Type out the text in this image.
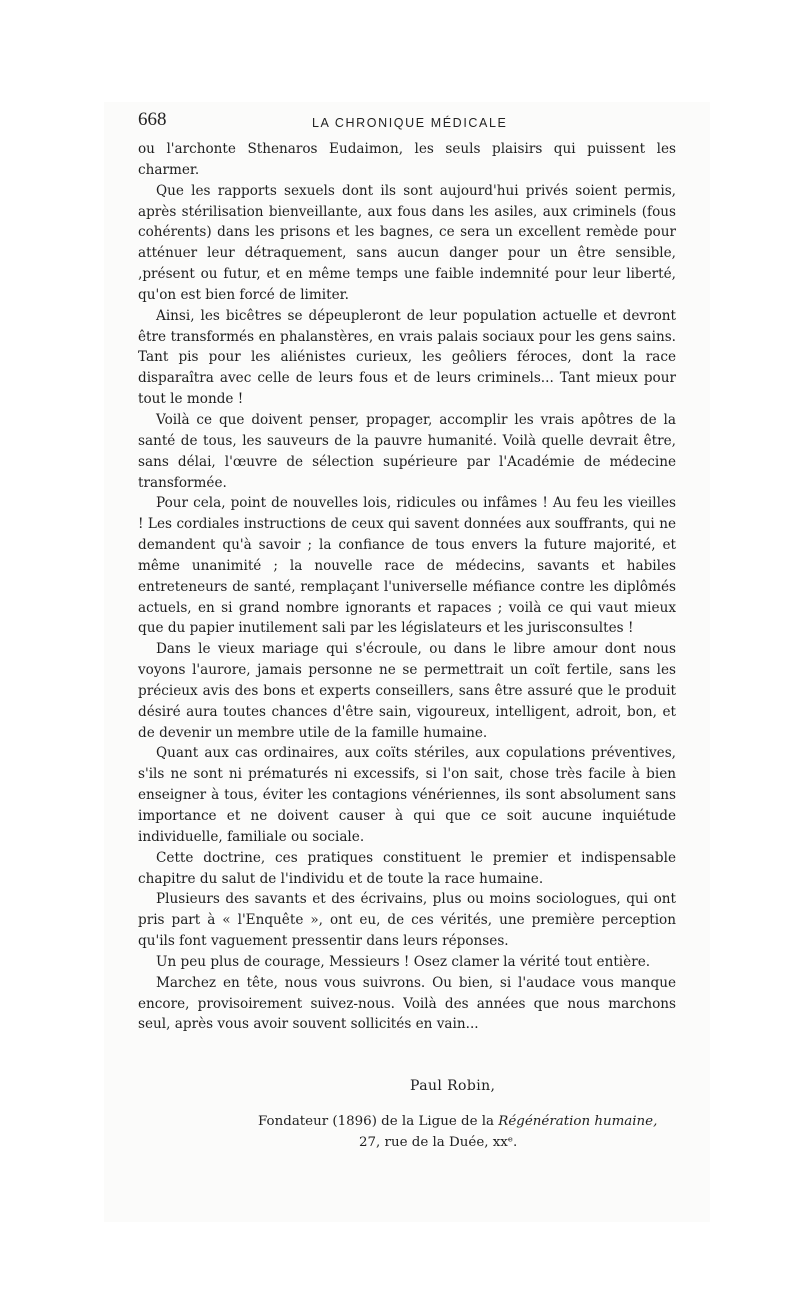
668	LA CHRONIQUE MÉDICALE

ou l'archonte Sthenaros Eudaimon, les seuls plaisirs qui puissent les charmer.

Que les rapports sexuels dont ils sont aujourd'hui privés soient permis, après stérilisation bienveillante, aux fous dans les asiles, aux criminels (fous cohérents) dans les prisons et les bagnes, ce sera un excellent remède pour atténuer leur détraquement, sans aucun danger pour un être sensible,‚présent ou futur, et en même temps une faible indemnité pour leur liberté, qu'on est bien forcé de limiter.

Ainsi, les bicêtres se dépeupleront de leur population actuelle et devront être transformés en phalanstères, en vrais palais sociaux pour les gens sains. Tant pis pour les aliénistes curieux, les geôliers féroces, dont la race disparaîtra avec celle de leurs fous et de leurs criminels... Tant mieux pour tout le monde !

Voilà ce que doivent penser, propager, accomplir les vrais apôtres de la santé de tous, les sauveurs de la pauvre humanité. Voilà quelle devrait être, sans délai, l'œuvre de sélection supérieure par l'Académie de médecine transformée.

Pour cela, point de nouvelles lois, ridicules ou infâmes ! Au feu les vieilles ! Les cordiales instructions de ceux qui savent données aux souffrants, qui ne demandent qu'à savoir ; la confiance de tous envers la future majorité, et même unanimité ; la nouvelle race de médecins, savants et habiles entreteneurs de santé, remplaçant l'universelle méfiance contre les diplômés actuels, en si grand nombre ignorants et rapaces ; voilà ce qui vaut mieux que du papier inutilement sali par les législateurs et les jurisconsultes !

Dans le vieux mariage qui s'écroule, ou dans le libre amour dont nous voyons l'aurore, jamais personne ne se permettrait un coït fertile, sans les précieux avis des bons et experts conseillers, sans être assuré que le produit désiré aura toutes chances d'être sain, vigoureux, intelligent, adroit, bon, et de devenir un membre utile de la famille humaine.

Quant aux cas ordinaires, aux coïts stériles, aux copulations préventives, s'ils ne sont ni prématurés ni excessifs, si l'on sait, chose très facile à bien enseigner à tous, éviter les contagions vénériennes, ils sont absolument sans importance et ne doivent causer à qui que ce soit aucune inquiétude individuelle, familiale ou sociale.

Cette doctrine, ces pratiques constituent le premier et indispensable chapitre du salut de l'individu et de toute la race humaine.

Plusieurs des savants et des écrivains, plus ou moins sociologues, qui ont pris part à « l'Enquête », ont eu, de ces vérités, une première perception qu'ils font vaguement pressentir dans leurs réponses.

Un peu plus de courage, Messieurs ! Osez clamer la vérité tout entière.

Marchez en tête, nous vous suivrons. Ou bien, si l'audace vous manque encore, provisoirement suivez-nous. Voilà des années que nous marchons seul, après vous avoir souvent sollicités en vain...

Paul Robin,
Fondateur (1896) de la Ligue de la Régénération humaine,
27, rue de la Duée, xxᵉ.
